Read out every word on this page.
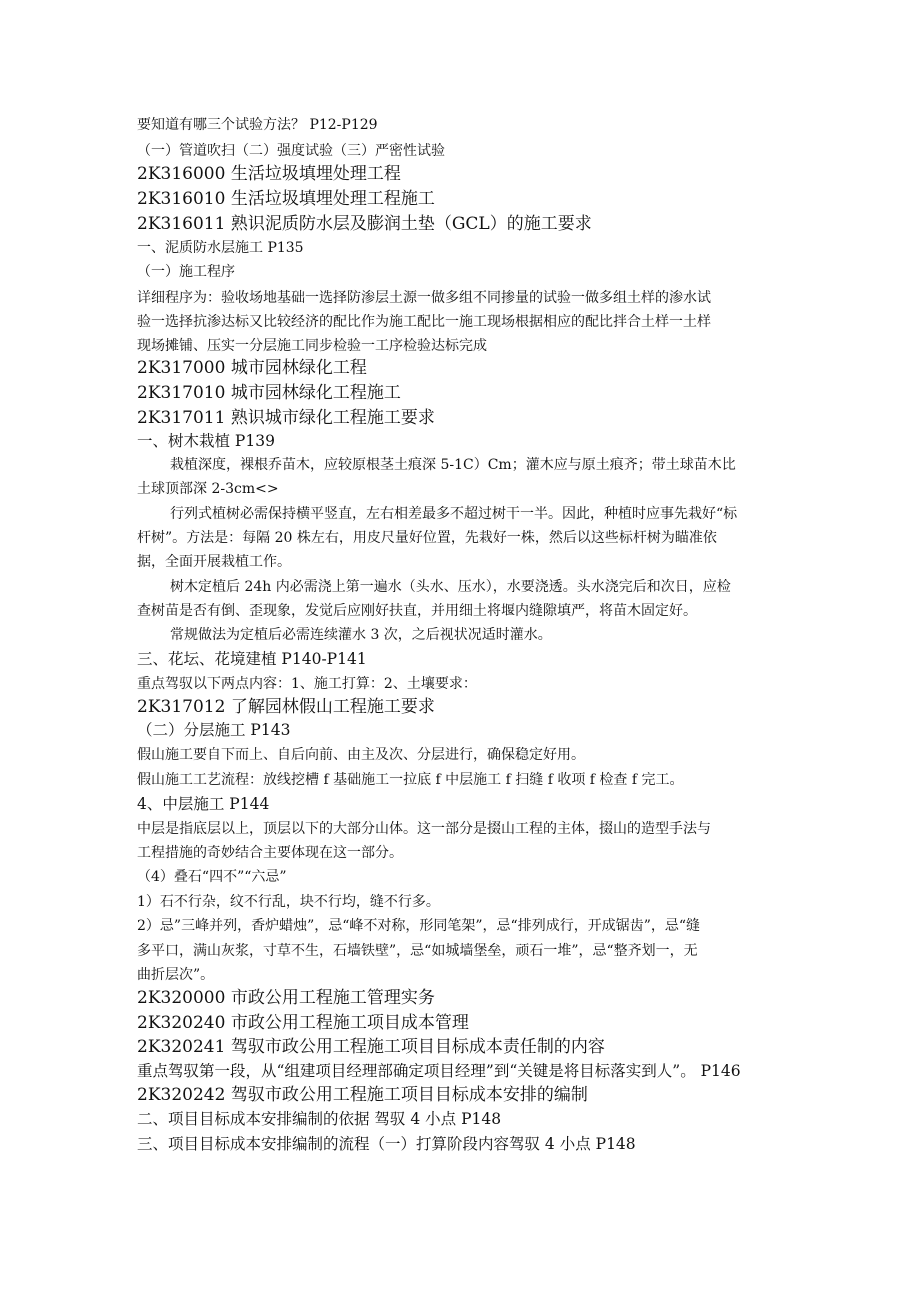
要知道有哪三个试验方法？ P12-P129

（一）管道吹扫（二）强度试验（三）严密性试验

2K316000 生活垃圾填埋处理工程

2K316010 生活垃圾填埋处理工程施工

2K316011 熟识泥质防水层及膨润土垫（GCL）的施工要求

一、泥质防水层施工 P135

（一）施工程序

详细程序为：验收场地基础一选择防渗层土源一做多组不同掺量的试验一做多组土样的渗水试

验一选择抗渗达标又比较经济的配比作为施工配比一施工现场根据相应的配比拌合土样一土样

现场摊铺、压实一分层施工同步检验一工序检验达标完成

2K317000 城市园林绿化工程

2K317010 城市园林绿化工程施工

2K317011 熟识城市绿化工程施工要求

一、树木栽植 P139

栽植深度，裸根乔苗木，应较原根茎土痕深 5-1C）Cm；灌木应与原土痕齐；带土球苗木比

土球顶部深 2-3cm<>

行列式植树必需保持横平竖直，左右相差最多不超过树干一半。因此，种植时应事先栽好“标

杆树”。方法是：每隔 20 株左右，用皮尺量好位置，先栽好一株，然后以这些标杆树为瞄准依

据，全面开展栽植工作。

树木定植后 24h 内必需浇上第一遍水（头水、压水），水要浇透。头水浇完后和次日，应检

查树苗是否有倒、歪现象，发觉后应刚好扶直，并用细土将堰内缝隙填严，将苗木固定好。

常规做法为定植后必需连续灌水 3 次，之后视状况适时灌水。

三、花坛、花境建植 P140-P141

重点驾驭以下两点内容：1、施工打算：2、土壤要求：

2K317012 了解园林假山工程施工要求

（二）分层施工 P143

假山施工要自下而上、自后向前、由主及次、分层进行，确保稳定好用。

假山施工工艺流程：放线挖槽 f 基础施工一拉底 f 中层施工 f 扫缝 f 收项 f 检查 f 完工。

4、中层施工 P144

中层是指底层以上，顶层以下的大部分山体。这一部分是掇山工程的主体，掇山的造型手法与

工程措施的奇妙结合主要体现在这一部分。

（4）叠石“四不”“六忌”

1）石不行杂，纹不行乱，块不行均，缝不行多。

2）忌”三峰并列，香炉蜡烛”，忌“峰不对称，形同笔架”，忌“排列成行，开成锯齿”，忌“缝

多平口，满山灰浆，寸草不生，石墙铁壁”，忌“如城墙堡垒，顽石一堆”，忌“整齐划一，无

曲折层次”。

2K320000 市政公用工程施工管理实务

2K320240 市政公用工程施工项目成本管理

2K320241 驾驭市政公用工程施工项目目标成本责任制的内容

重点驾驭第一段，从“组建项目经理部确定项目经理”到“关键是将目标落实到人”。 P146

2K320242 驾驭市政公用工程施工项目目标成本安排的编制

二、项目目标成本安排编制的依据 驾驭 4 小点 P148

三、项目目标成本安排编制的流程（一）打算阶段内容驾驭 4 小点 P148
